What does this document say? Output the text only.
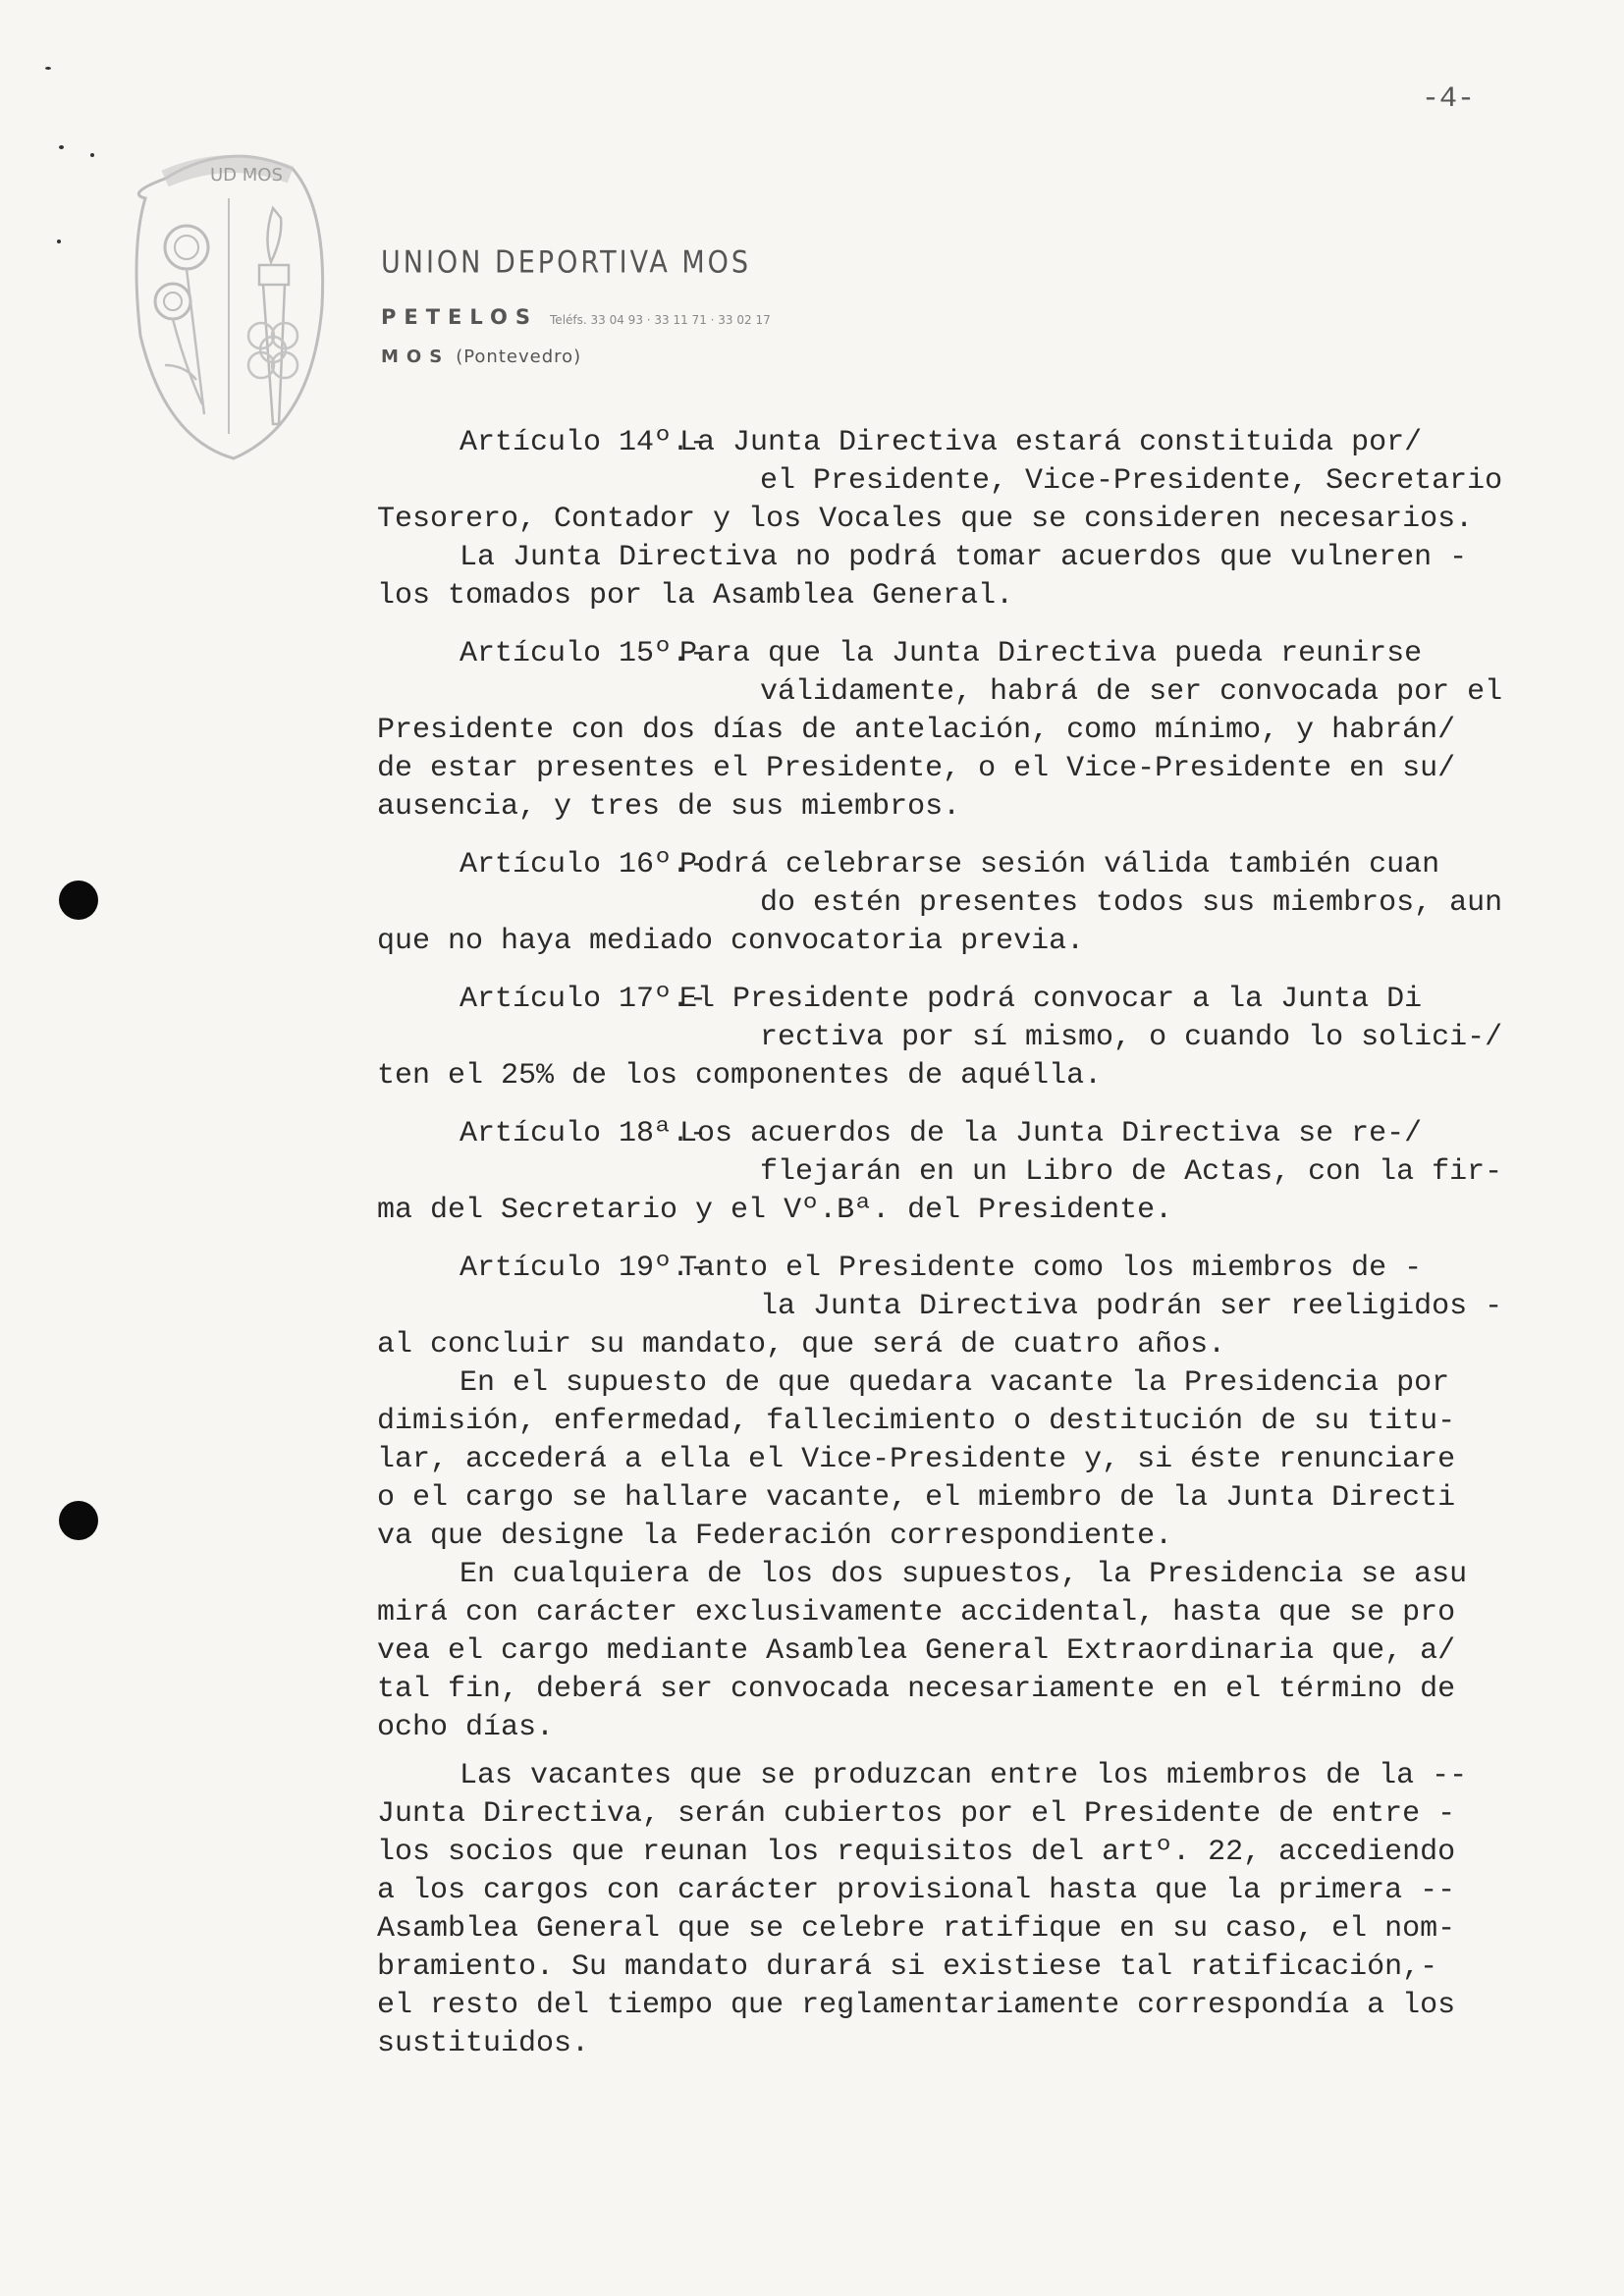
-4-
UD MOS
UNION DEPORTIVA MOS
PETELOS Teléfs. 33 04 93 · 33 11 71 · 33 02 17
MOS (Pontevedro)
Artículo 14º.-
La Junta Directiva estará constituida por/

el Presidente, Vice-Presidente, Secretario

Tesorero, Contador y los Vocales que se consideren necesarios.

La Junta Directiva no podrá tomar acuerdos que vulneren -

los tomados por la Asamblea General.

Artículo 15º.-
Para que la Junta Directiva pueda reunirse

válidamente, habrá de ser convocada por el

Presidente con dos días de antelación, como mínimo, y habrán/

de estar presentes el Presidente, o el Vice-Presidente en su/

ausencia, y tres de sus miembros.

Artículo 16º.-
Podrá celebrarse sesión válida también cuan

do estén presentes todos sus miembros, aun

que no haya mediado convocatoria previa.

Artículo 17º.-
El Presidente podrá convocar a la Junta Di

rectiva por sí mismo, o cuando lo solici-/

ten el 25% de los componentes de aquélla.

Artículo 18ª.-
Los acuerdos de la Junta Directiva se re-/

flejarán en un Libro de Actas, con la fir-

ma del Secretario y el Vº.Bª. del Presidente.

Artículo 19º.-
Tanto el Presidente como los miembros de -

la Junta Directiva podrán ser reeligidos -

al concluir su mandato, que será de cuatro años.

En el supuesto de que quedara vacante la Presidencia por

dimisión, enfermedad, fallecimiento o destitución de su titu-

lar, accederá a ella el Vice-Presidente y, si éste renunciare

o el cargo se hallare vacante, el miembro de la Junta Directi

va que designe la Federación correspondiente.

En cualquiera de los dos supuestos, la Presidencia se asu

mirá con carácter exclusivamente accidental, hasta que se pro

vea el cargo mediante Asamblea General Extraordinaria que, a/

tal fin, deberá ser convocada necesariamente en el término de

ocho días.

Las vacantes que se produzcan entre los miembros de la --

Junta Directiva, serán cubiertos por el Presidente de entre -

los socios que reunan los requisitos del artº. 22, accediendo

a los cargos con carácter provisional hasta que la primera --

Asamblea General que se celebre ratifique en su caso, el nom-

bramiento. Su mandato durará si existiese tal ratificación,-

el resto del tiempo que reglamentariamente correspondía a los

sustituidos.
